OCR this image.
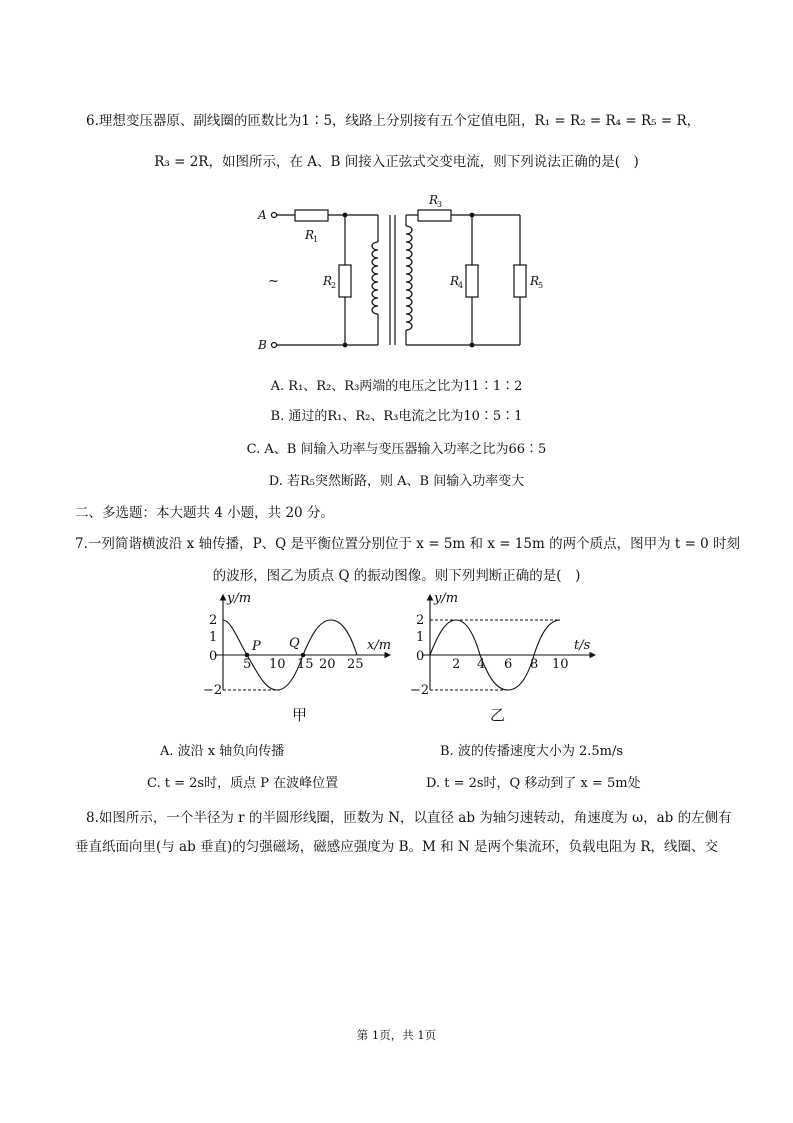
6.理想变压器原、副线圈的匝数比为1∶5，线路上分别接有五个定值电阻，R₁ = R₂ = R₄ = R₅ = R，
R₃ = 2R，如图所示，在 A、B 间接入正弦式交变电流，则下列说法正确的是(　)
A
B
R
1
R
2
R
3
R
4	R
5
~
A. R₁、R₂、R₃两端的电压之比为11∶1∶2
B. 通过的R₁、R₂、R₃电流之比为10∶5∶1
C. A、B 间输入功率与变压器输入功率之比为66∶5
D. 若R₅突然断路，则 A、B 间输入功率变大
二、多选题：本大题共 4 小题，共 20 分。
7.一列简谐横波沿 x 轴传播，P、Q 是平衡位置分别位于 x = 5m 和 x = 15m 的两个质点，图甲为 t = 0 时刻
的波形，图乙为质点 Q 的振动图像。则下列判断正确的是(　)
y/m
x/m
2
1
0
−2
5 10 15 20 25
P Q
甲
y/m
t/s
2
1
0
−2
2 4 6 8 10
乙
A. 波沿 x 轴负向传播	B. 波的传播速度大小为 2.5m/s
C. t = 2s时，质点 P 在波峰位置	D. t = 2s时，Q 移动到了 x = 5m处
8.如图所示，一个半径为 r 的半圆形线圈，匝数为 N，以直径 ab 为轴匀速转动，角速度为 ω，ab 的左侧有
垂直纸面向里(与 ab 垂直)的匀强磁场，磁感应强度为 B。M 和 N 是两个集流环，负载电阻为 R，线圈、交
第 1页，共 1页
